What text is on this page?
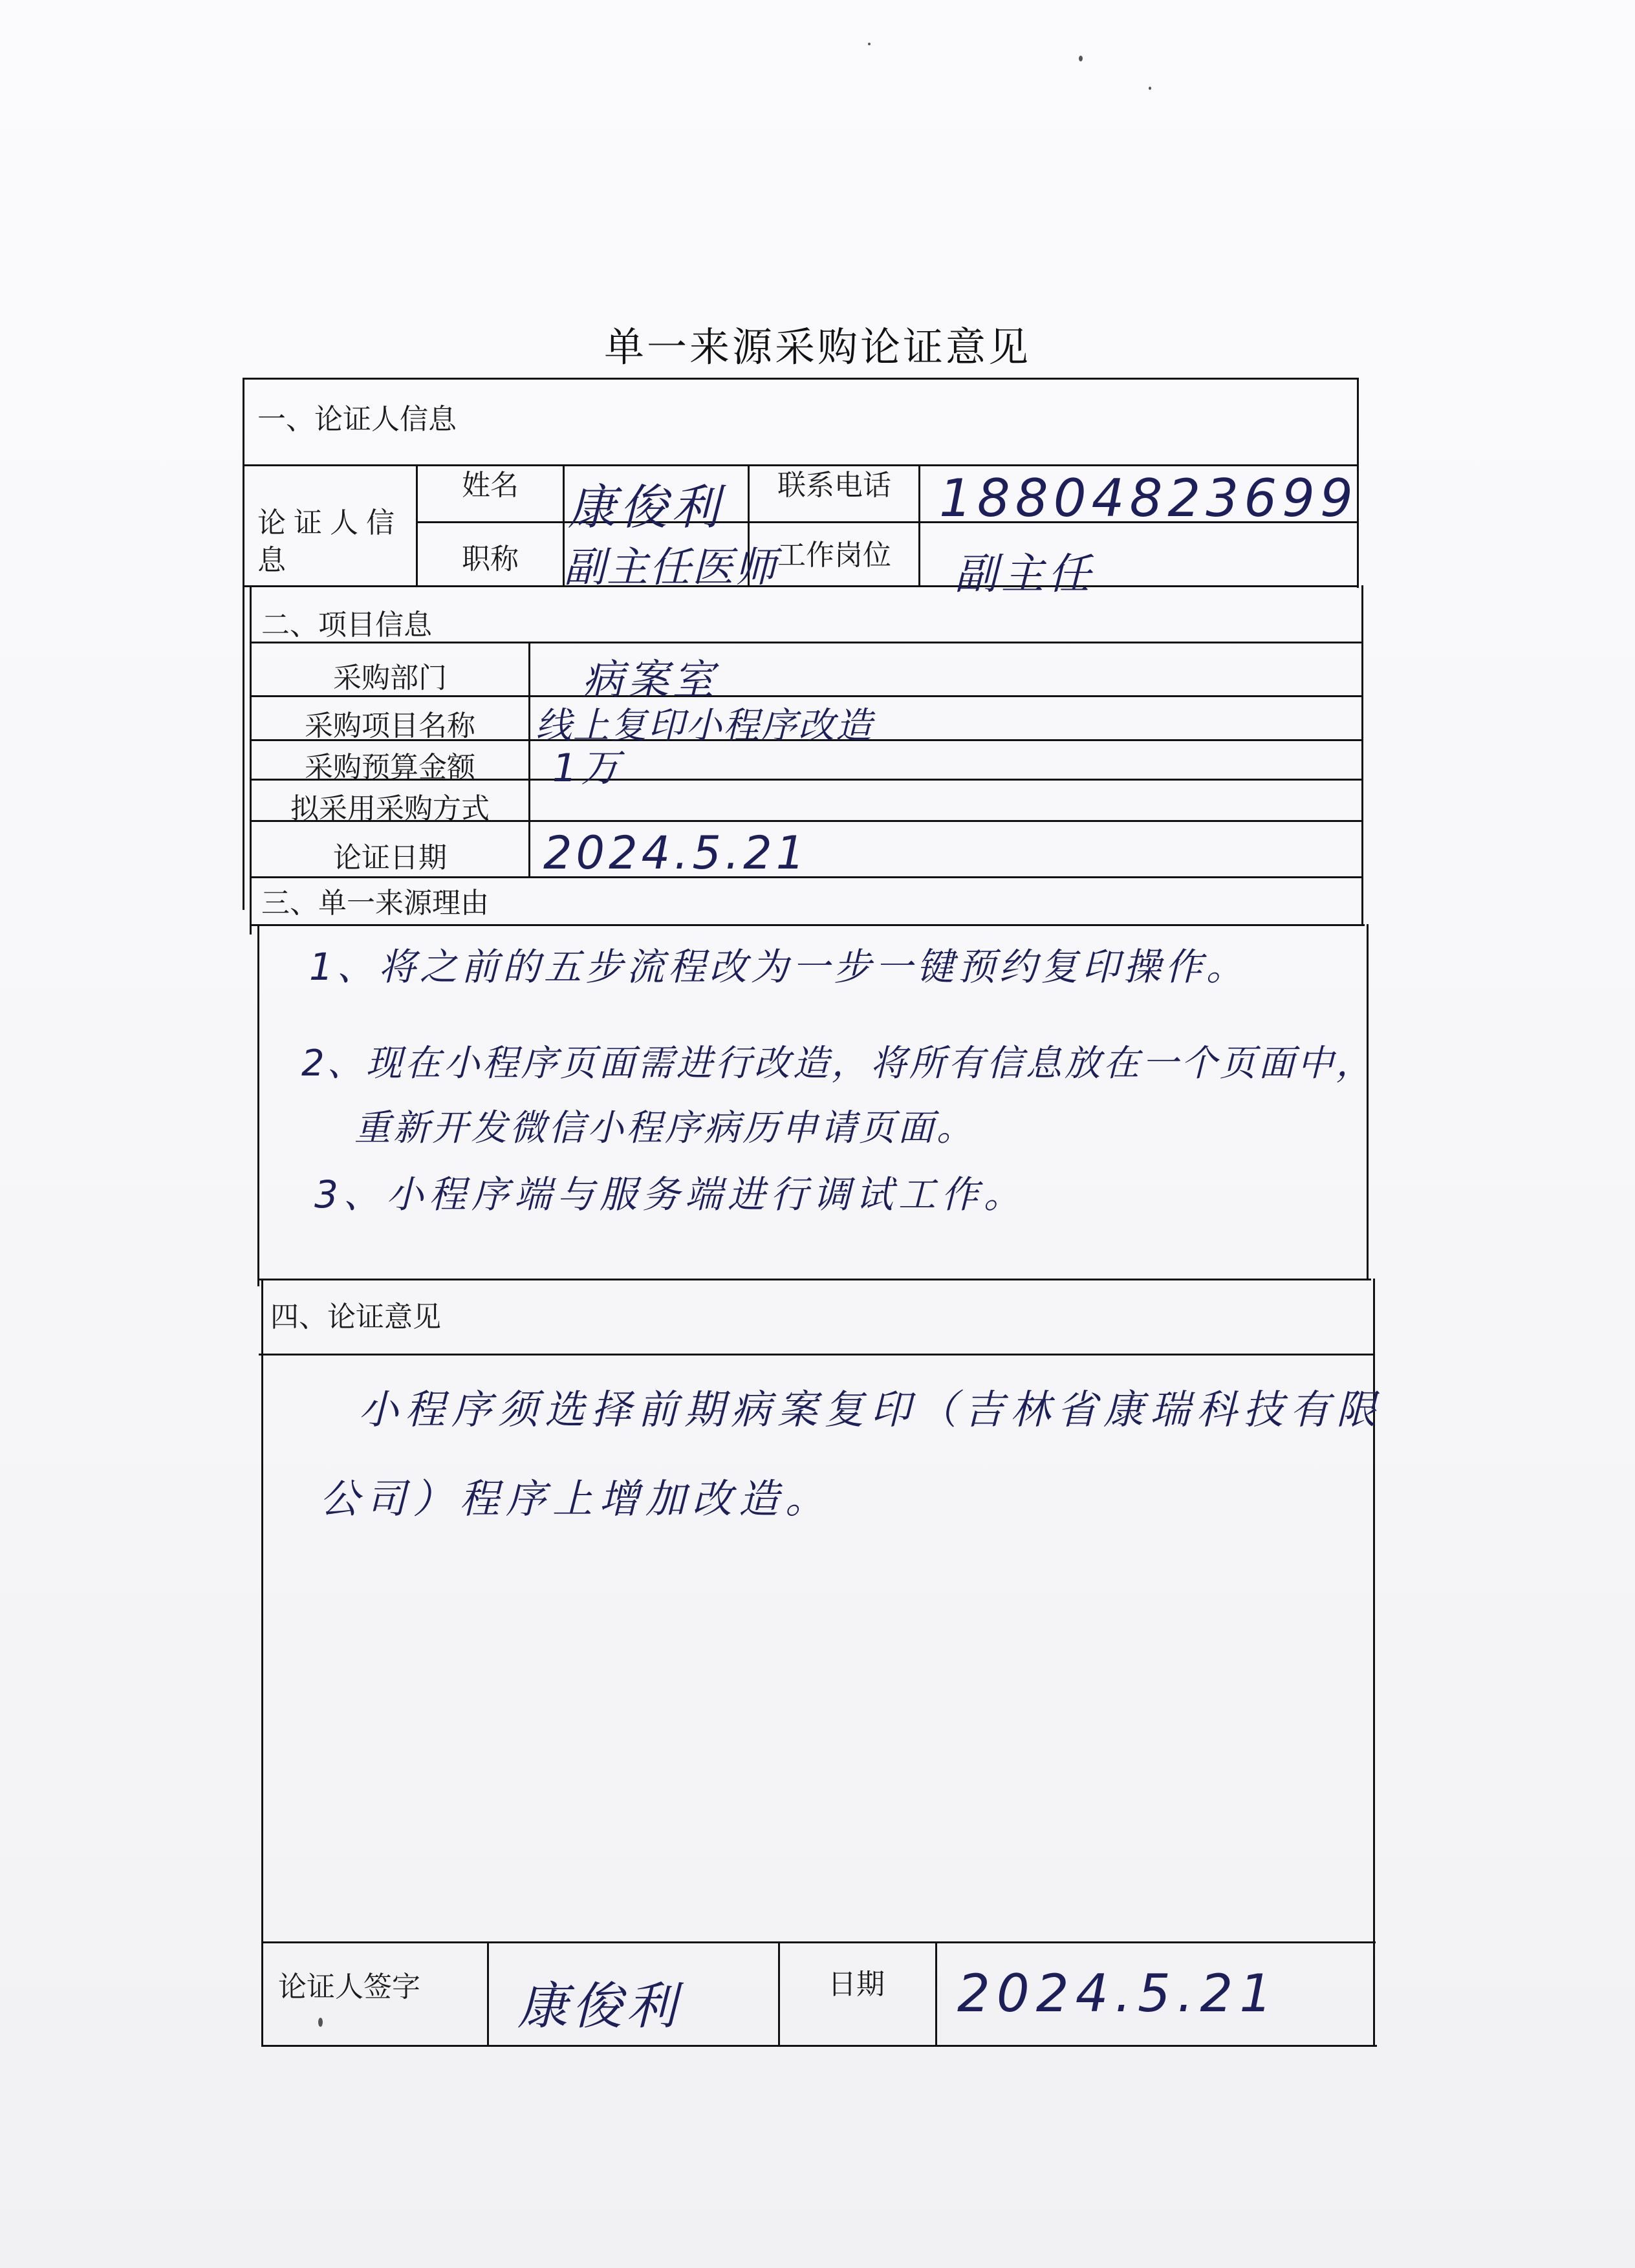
单一来源采购论证意见
一、论证人信息
论证人信息
姓名	康俊利	联系电话 18804823699
职称	副主任医师 工作岗位	副主任
二、项目信息
采购部门	病案室
采购项目名称	线上复印小程序改造
采购预算金额	1万
拟采用采购方式
论证日期	2024.5.21
三、单一来源理由
1、将之前的五步流程改为一步一键预约复印操作。
2、现在小程序页面需进行改造，将所有信息放在一个页面中，
重新开发微信小程序病历申请页面。
3、小程序端与服务端进行调试工作。
四、论证意见
小程序须选择前期病案复印（吉林省康瑞科技有限
公司）程序上增加改造。
论证人签字 康俊利	日期 2024.5.21
